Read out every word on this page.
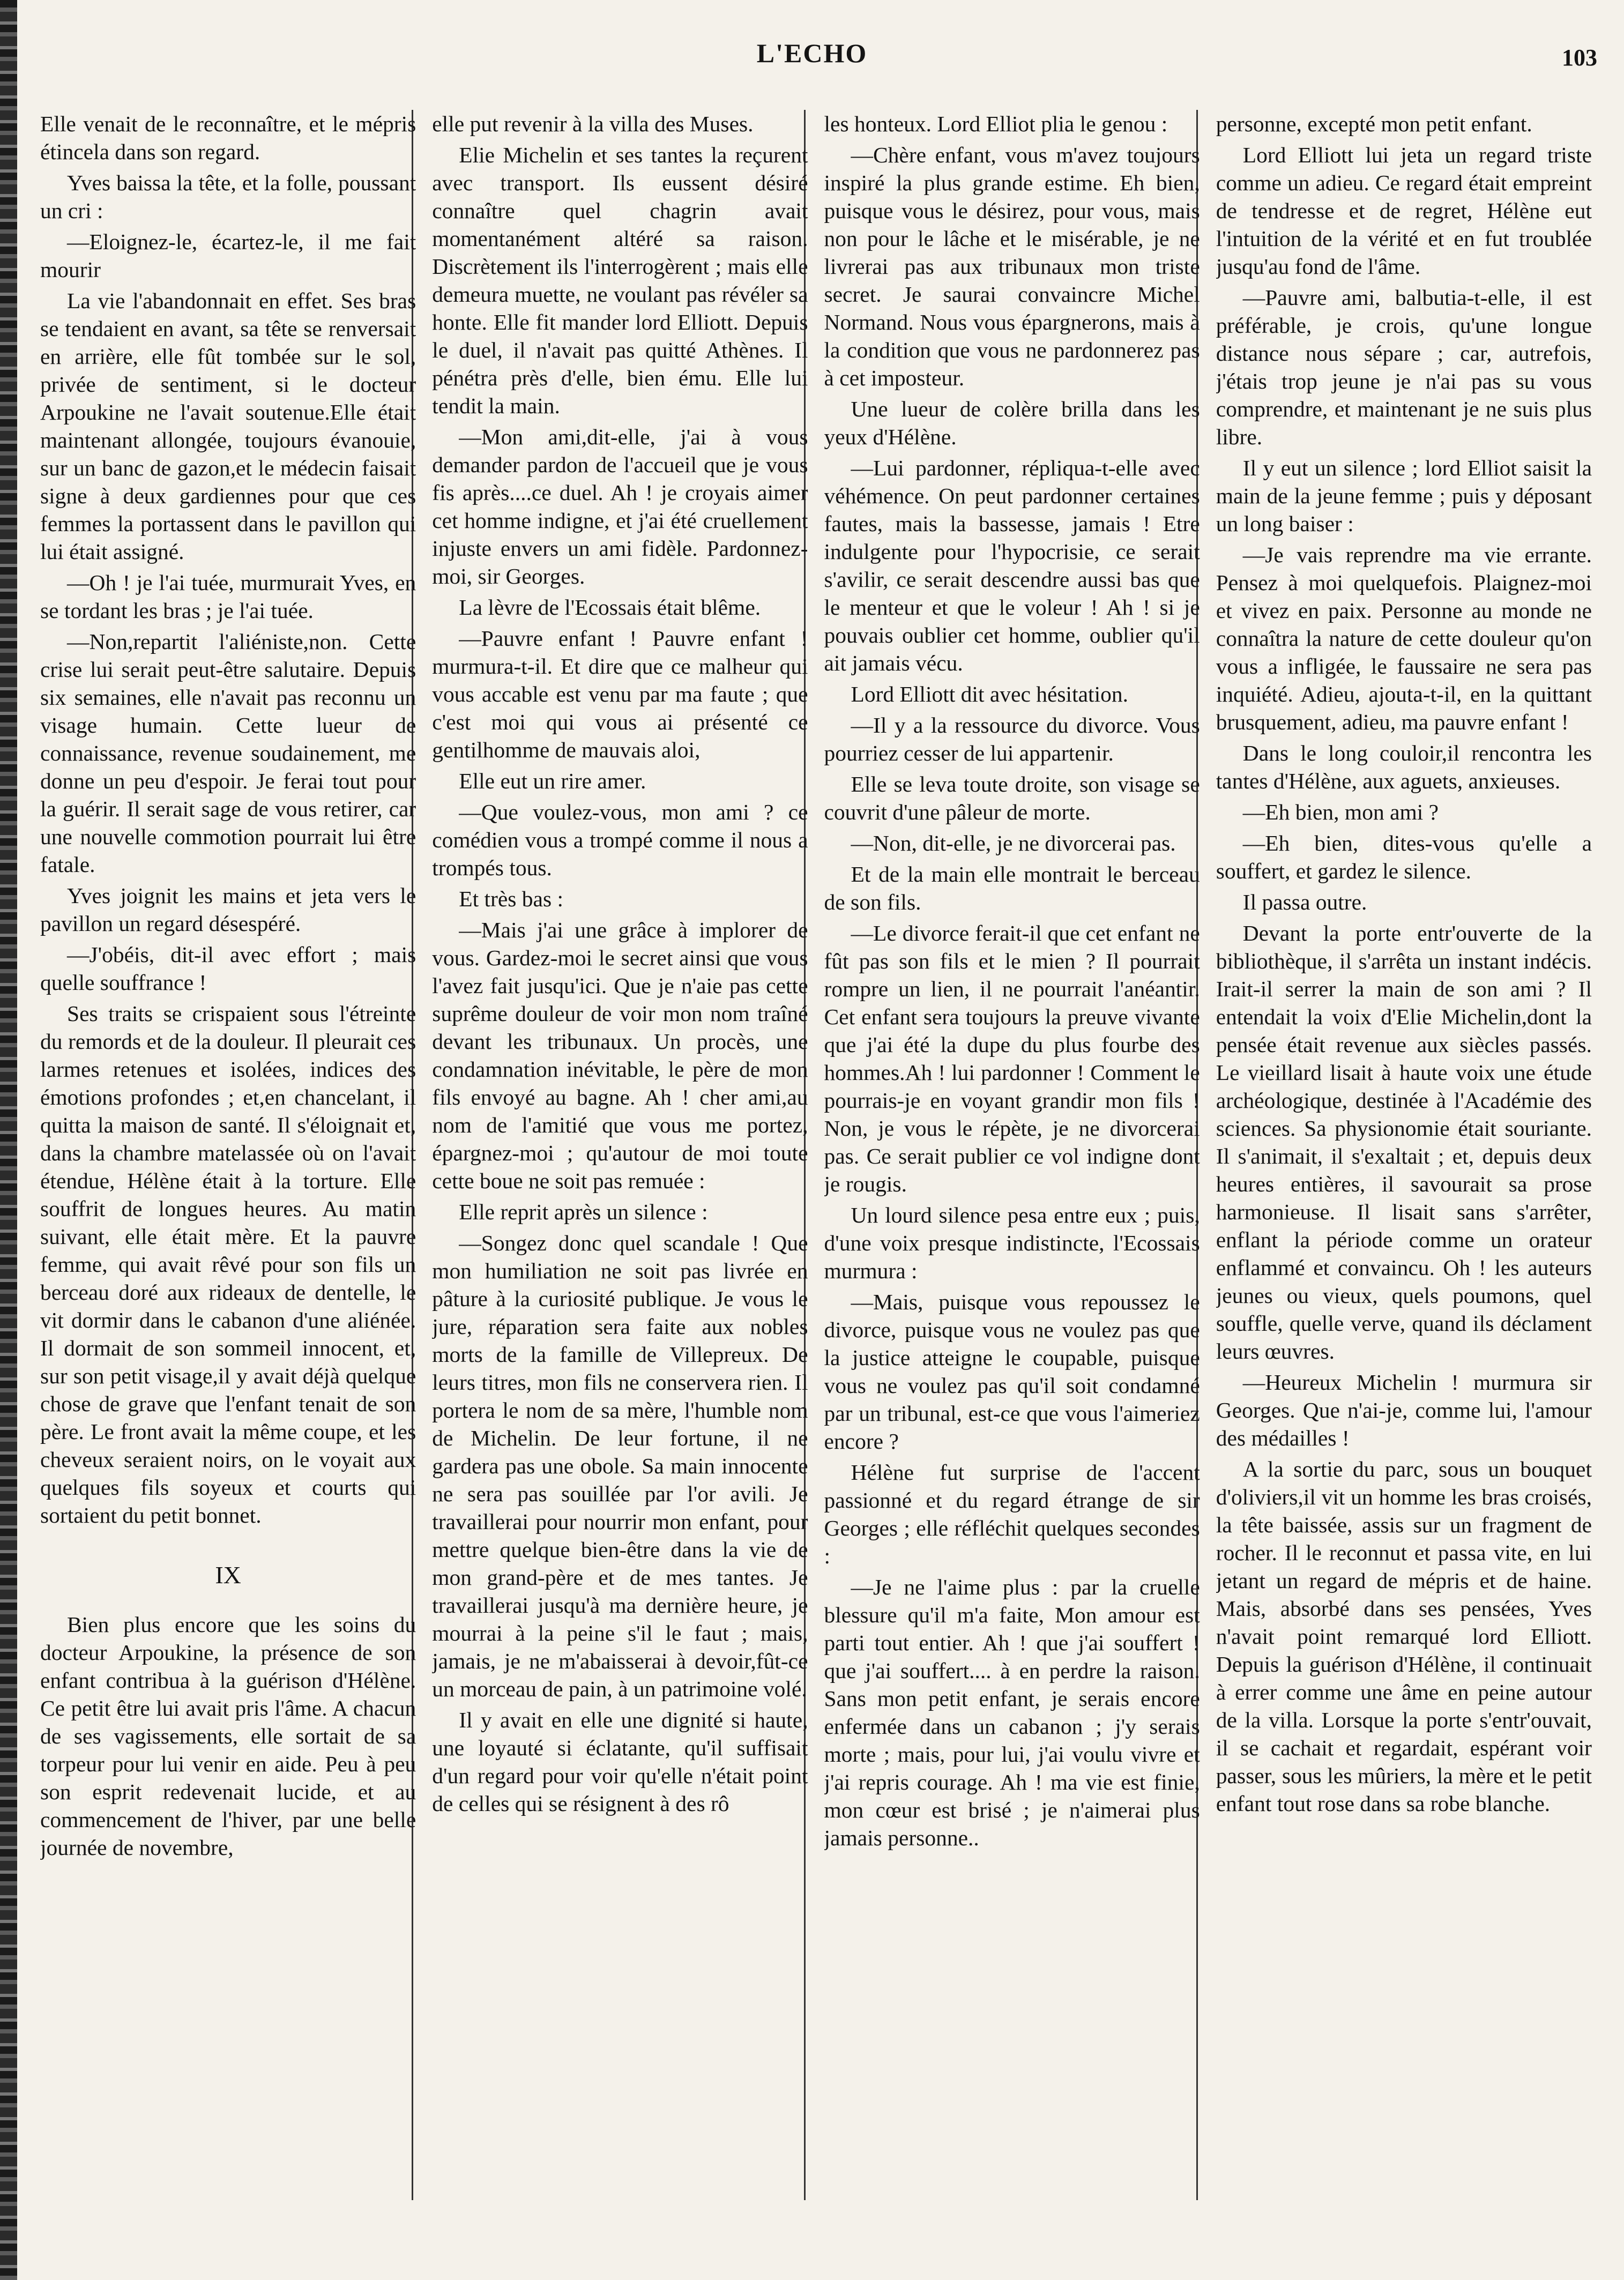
L'ECHO	103

Elle venait de le reconnaître, et le mépris étincela dans son regard.

Yves baissa la tête, et la folle, poussant un cri :

—Eloignez-le, écartez-le, il me fait mourir

La vie l'abandonnait en effet. Ses bras se tendaient en avant, sa tête se renversait en arrière, elle fût tombée sur le sol, privée de sentiment, si le docteur Arpoukine ne l'avait soutenue.Elle était maintenant allongée, toujours évanouie, sur un banc de gazon,et le médecin faisait signe à deux gardiennes pour que ces femmes la portassent dans le pavillon qui lui était assigné.

—Oh ! je l'ai tuée, murmurait Yves, en se tordant les bras ; je l'ai tuée.

—Non,repartit l'aliéniste,non. Cette crise lui serait peut-être salutaire. Depuis six semaines, elle n'avait pas reconnu un visage humain. Cette lueur de connaissance, revenue soudainement, me donne un peu d'espoir. Je ferai tout pour la guérir. Il serait sage de vous retirer, car une nouvelle commotion pourrait lui être fatale.

Yves joignit les mains et jeta vers le pavillon un regard désespéré.

—J'obéis, dit-il avec effort ; mais quelle souffrance !

Ses traits se crispaient sous l'étreinte du remords et de la douleur. Il pleurait ces larmes retenues et isolées, indices des émotions profondes ; et,en chancelant, il quitta la maison de santé. Il s'éloignait et, dans la chambre matelassée où on l'avait étendue, Hélène était à la torture. Elle souffrit de longues heures. Au matin suivant, elle était mère. Et la pauvre femme, qui avait rêvé pour son fils un berceau doré aux rideaux de dentelle, le vit dormir dans le cabanon d'une aliénée. Il dormait de son sommeil innocent, et, sur son petit visage,il y avait déjà quelque chose de grave que l'enfant tenait de son père. Le front avait la même coupe, et les cheveux seraient noirs, on le voyait aux quelques fils soyeux et courts qui sortaient du petit bonnet.

IX

Bien plus encore que les soins du docteur Arpoukine, la présence de son enfant contribua à la guérison d'Hélène. Ce petit être lui avait pris l'âme. A chacun de ses vagissements, elle sortait de sa torpeur pour lui venir en aide. Peu à peu son esprit redevenait lucide, et au commencement de l'hiver, par une belle journée de novembre,

elle put revenir à la villa des Muses.

Elie Michelin et ses tantes la reçurent avec transport. Ils eussent désiré connaître quel chagrin avait momentanément altéré sa raison. Discrètement ils l'interrogèrent ; mais elle demeura muette, ne voulant pas révéler sa honte. Elle fit mander lord Elliott. Depuis le duel, il n'avait pas quitté Athènes. Il pénétra près d'elle, bien ému. Elle lui tendit la main.

—Mon ami,dit-elle, j'ai à vous demander pardon de l'accueil que je vous fis après....ce duel. Ah ! je croyais aimer cet homme indigne, et j'ai été cruellement injuste envers un ami fidèle. Pardonnez-moi, sir Georges.

La lèvre de l'Ecossais était blême.

—Pauvre enfant ! Pauvre enfant ! murmura-t-il. Et dire que ce malheur qui vous accable est venu par ma faute ; que c'est moi qui vous ai présenté ce gentilhomme de mauvais aloi,

Elle eut un rire amer.

—Que voulez-vous, mon ami ? ce comédien vous a trompé comme il nous a trompés tous.

Et très bas :

—Mais j'ai une grâce à implorer de vous. Gardez-moi le secret ainsi que vous l'avez fait jusqu'ici. Que je n'aie pas cette suprême douleur de voir mon nom traîné devant les tribunaux. Un procès, une condamnation inévitable, le père de mon fils envoyé au bagne. Ah ! cher ami,au nom de l'amitié que vous me portez, épargnez-moi ; qu'autour de moi toute cette boue ne soit pas remuée :

Elle reprit après un silence :

—Songez donc quel scandale ! Que mon humiliation ne soit pas livrée en pâture à la curiosité publique. Je vous le jure, réparation sera faite aux nobles morts de la famille de Villepreux. De leurs titres, mon fils ne conservera rien. Il portera le nom de sa mère, l'humble nom de Michelin. De leur fortune, il ne gardera pas une obole. Sa main innocente ne sera pas souillée par l'or avili. Je travaillerai pour nourrir mon enfant, pour mettre quelque bien-être dans la vie de mon grand-père et de mes tantes. Je travaillerai jusqu'à ma dernière heure, je mourrai à la peine s'il le faut ; mais, jamais, je ne m'abaisserai à devoir,fût-ce un morceau de pain, à un patrimoine volé.

Il y avait en elle une dignité si haute, une loyauté si éclatante, qu'il suffisait d'un regard pour voir qu'elle n'était point de celles qui se résignent à des rô

les honteux. Lord Elliot plia le genou :

—Chère enfant, vous m'avez toujours inspiré la plus grande estime. Eh bien, puisque vous le désirez, pour vous, mais non pour le lâche et le misérable, je ne livrerai pas aux tribunaux mon triste secret. Je saurai convaincre Michel Normand. Nous vous épargnerons, mais à la condition que vous ne pardonnerez pas à cet imposteur.

Une lueur de colère brilla dans les yeux d'Hélène.

—Lui pardonner, répliqua-t-elle avec véhémence. On peut pardonner certaines fautes, mais la bassesse, jamais ! Etre indulgente pour l'hypocrisie, ce serait s'avilir, ce serait descendre aussi bas que le menteur et que le voleur ! Ah ! si je pouvais oublier cet homme, oublier qu'il ait jamais vécu.

Lord Elliott dit avec hésitation.

—Il y a la ressource du divorce. Vous pourriez cesser de lui appartenir.

Elle se leva toute droite, son visage se couvrit d'une pâleur de morte.

—Non, dit-elle, je ne divorcerai pas.

Et de la main elle montrait le berceau de son fils.

—Le divorce ferait-il que cet enfant ne fût pas son fils et le mien ? Il pourrait rompre un lien, il ne pourrait l'anéantir. Cet enfant sera toujours la preuve vivante que j'ai été la dupe du plus fourbe des hommes.Ah ! lui pardonner ! Comment le pourrais-je en voyant grandir mon fils ! Non, je vous le répète, je ne divorcerai pas. Ce serait publier ce vol indigne dont je rougis.

Un lourd silence pesa entre eux ; puis, d'une voix presque indistincte, l'Ecossais murmura :

—Mais, puisque vous repoussez le divorce, puisque vous ne voulez pas que la justice atteigne le coupable, puisque vous ne voulez pas qu'il soit condamné par un tribunal, est-ce que vous l'aimeriez encore ?

Hélène fut surprise de l'accent passionné et du regard étrange de sir Georges ; elle réfléchit quelques secondes :

—Je ne l'aime plus : par la cruelle blessure qu'il m'a faite, Mon amour est parti tout entier. Ah ! que j'ai souffert ! que j'ai souffert.... à en perdre la raison. Sans mon petit enfant, je serais encore enfermée dans un cabanon ; j'y serais morte ; mais, pour lui, j'ai voulu vivre et j'ai repris courage. Ah ! ma vie est finie, mon cœur est brisé ; je n'aimerai plus jamais personne..

personne, excepté mon petit enfant.

Lord Elliott lui jeta un regard triste comme un adieu. Ce regard était empreint de tendresse et de regret, Hélène eut l'intuition de la vérité et en fut troublée jusqu'au fond de l'âme.

—Pauvre ami, balbutia-t-elle, il est préférable, je crois, qu'une longue distance nous sépare ; car, autrefois, j'étais trop jeune je n'ai pas su vous comprendre, et maintenant je ne suis plus libre.

Il y eut un silence ; lord Elliot saisit la main de la jeune femme ; puis y déposant un long baiser :

—Je vais reprendre ma vie errante. Pensez à moi quelquefois. Plaignez-moi et vivez en paix. Personne au monde ne connaîtra la nature de cette douleur qu'on vous a infligée, le faussaire ne sera pas inquiété. Adieu, ajouta-t-il, en la quittant brusquement, adieu, ma pauvre enfant !

Dans le long couloir,il rencontra les tantes d'Hélène, aux aguets, anxieuses.

—Eh bien, mon ami ?

—Eh bien, dites-vous qu'elle a souffert, et gardez le silence.

Il passa outre.

Devant la porte entr'ouverte de la bibliothèque, il s'arrêta un instant indécis. Irait-il serrer la main de son ami ? Il entendait la voix d'Elie Michelin,dont la pensée était revenue aux siècles passés. Le vieillard lisait à haute voix une étude archéologique, destinée à l'Académie des sciences. Sa physionomie était souriante. Il s'animait, il s'exaltait ; et, depuis deux heures entières, il savourait sa prose harmonieuse. Il lisait sans s'arrêter, enflant la période comme un orateur enflammé et convaincu. Oh ! les auteurs jeunes ou vieux, quels poumons, quel souffle, quelle verve, quand ils déclament leurs œuvres.

—Heureux Michelin ! murmura sir Georges. Que n'ai-je, comme lui, l'amour des médailles !

A la sortie du parc, sous un bouquet d'oliviers,il vit un homme les bras croisés, la tête baissée, assis sur un fragment de rocher. Il le reconnut et passa vite, en lui jetant un regard de mépris et de haine. Mais, absorbé dans ses pensées, Yves n'avait point remarqué lord Elliott. Depuis la guérison d'Hélène, il continuait à errer comme une âme en peine autour de la villa. Lorsque la porte s'entr'ouvait, il se cachait et regardait, espérant voir passer, sous les mûriers, la mère et le petit enfant tout rose dans sa robe blanche.
